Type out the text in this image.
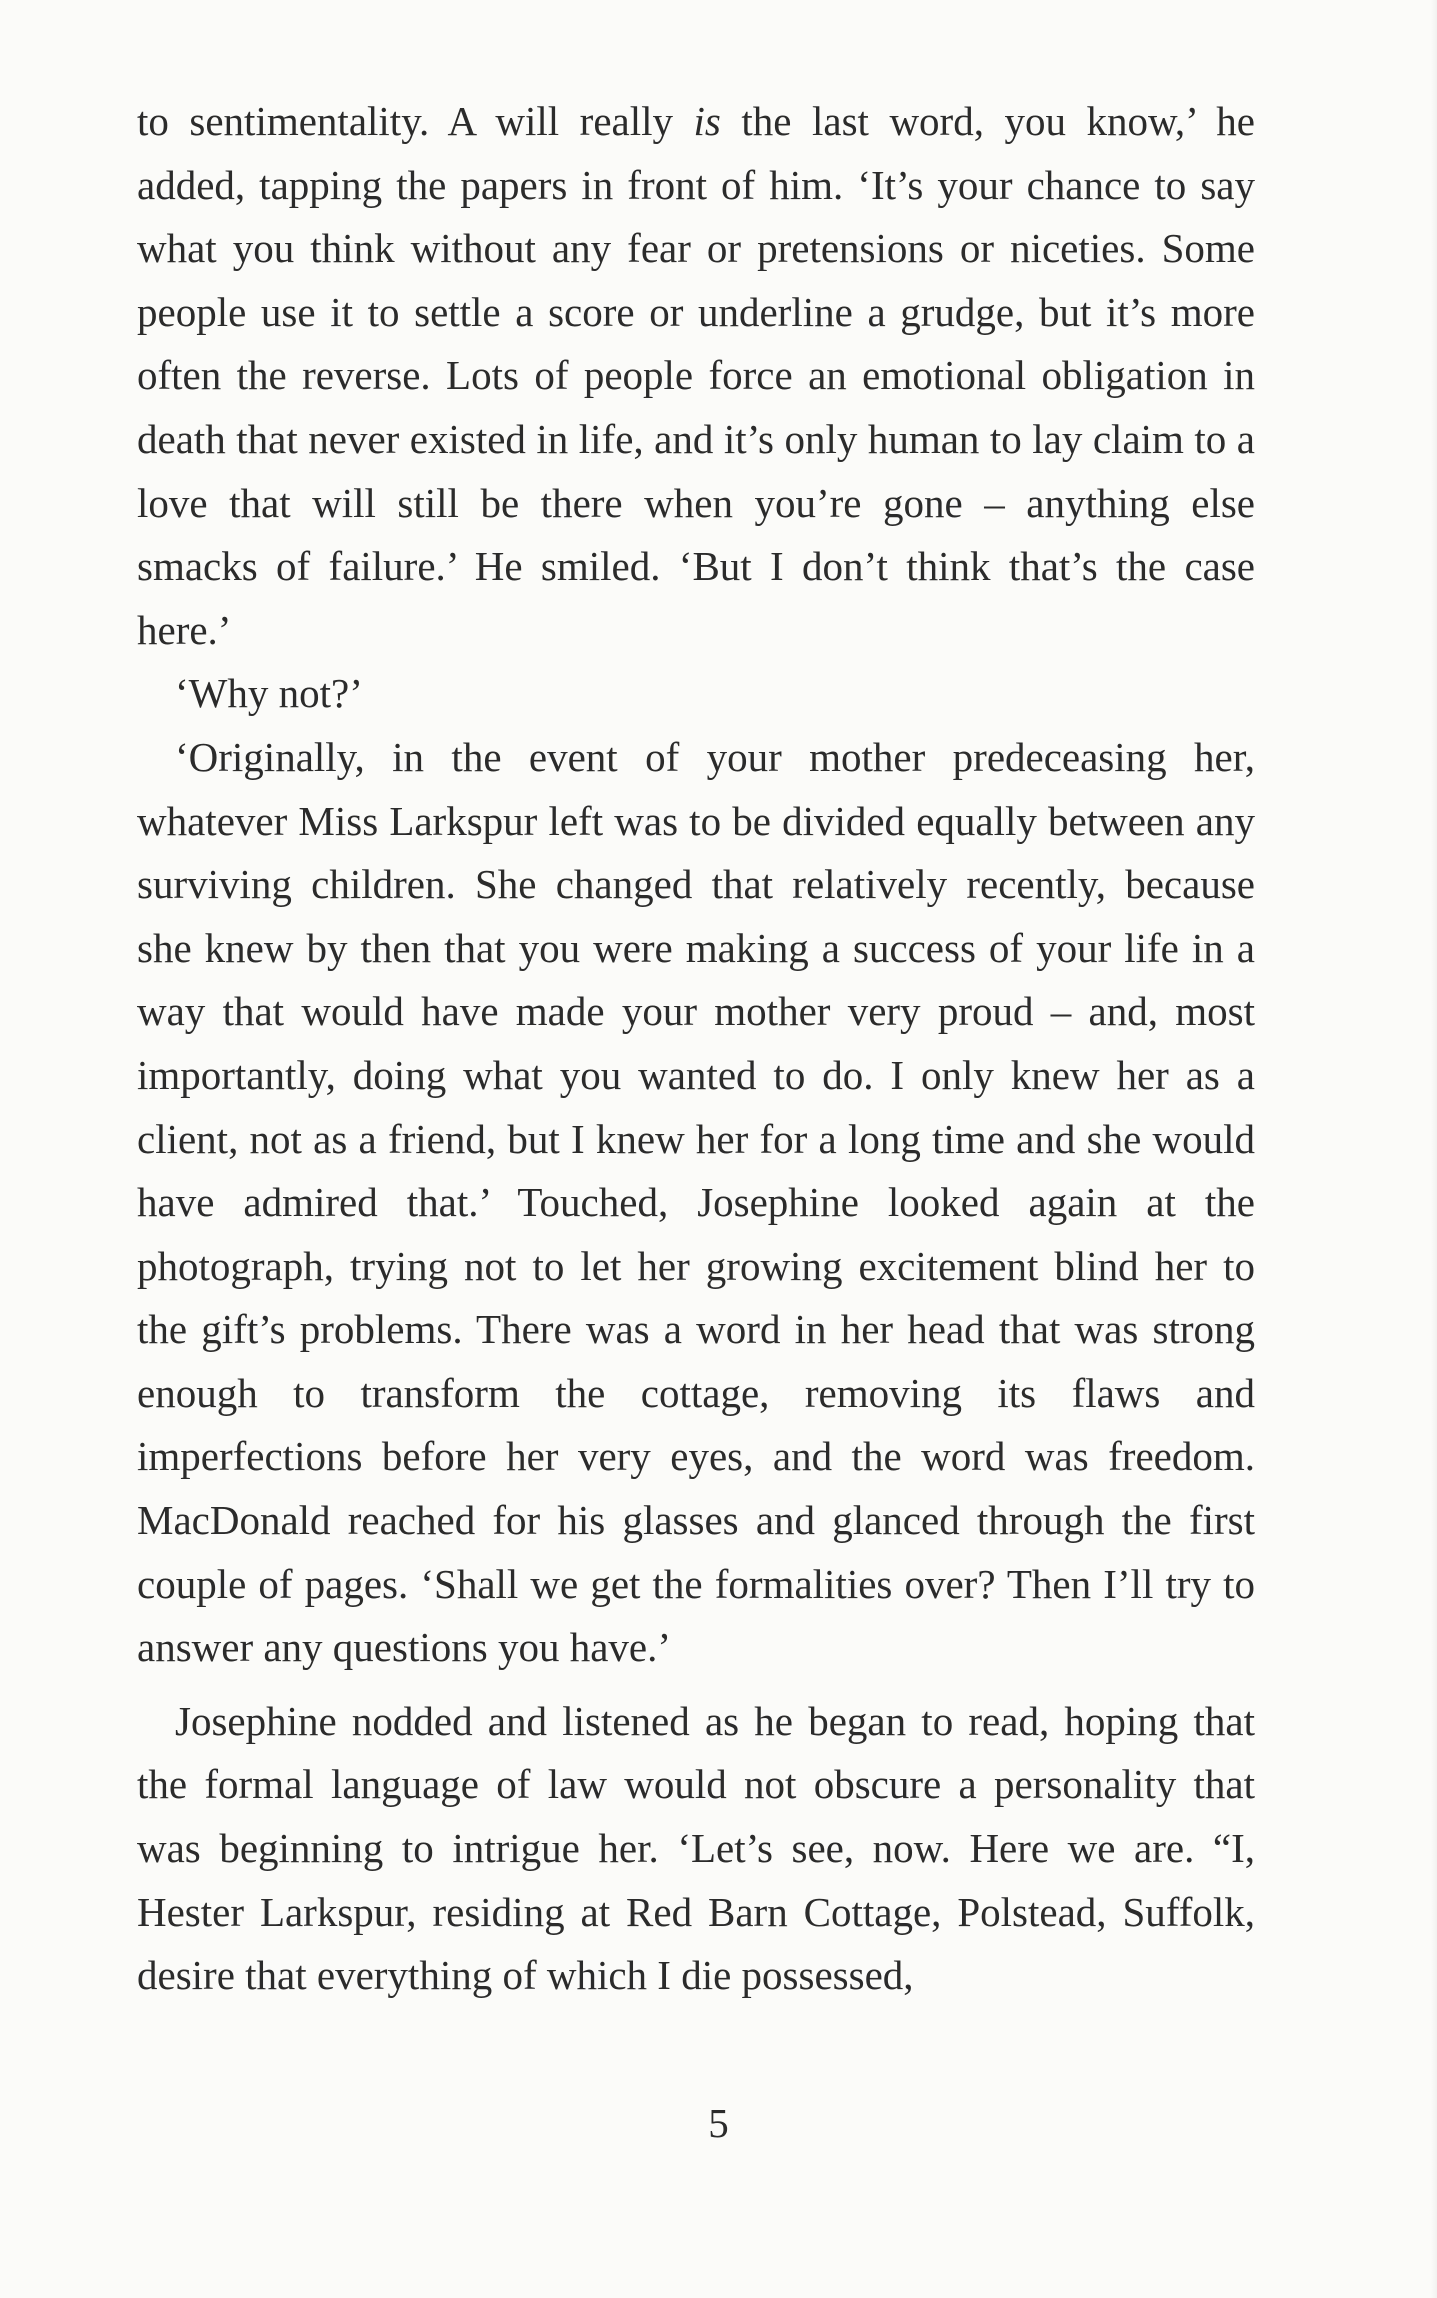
to sentimentality. A will really is the last word, you know,’ he added, tapping the papers in front of him. ‘It’s your chance to say what you think without any fear or pretensions or niceties. Some people use it to settle a score or underline a grudge, but it’s more often the reverse. Lots of people force an emotional obligation in death that never existed in life, and it’s only human to lay claim to a love that will still be there when you’re gone – anything else smacks of failure.’ He smiled. ‘But I don’t think that’s the case here.’

‘Why not?’

‘Originally, in the event of your mother predeceasing her, whatever Miss Larkspur left was to be divided equally between any surviving children. She changed that relatively recently, because she knew by then that you were making a success of your life in a way that would have made your mother very proud – and, most importantly, doing what you wanted to do. I only knew her as a client, not as a friend, but I knew her for a long time and she would have admired that.’ Touched, Josephine looked again at the photograph, trying not to let her growing excitement blind her to the gift’s problems. There was a word in her head that was strong enough to transform the cottage, removing its flaws and imperfections before her very eyes, and the word was freedom. MacDonald reached for his glasses and glanced through the first couple of pages. ‘Shall we get the formalities over? Then I’ll try to answer any questions you have.’

Josephine nodded and listened as he began to read, hoping that the formal language of law would not obscure a personality that was beginning to intrigue her. ‘Let’s see, now. Here we are. “I, Hester Larkspur, residing at Red Barn Cottage, Polstead, Suffolk, desire that everything of which I die possessed,

5
